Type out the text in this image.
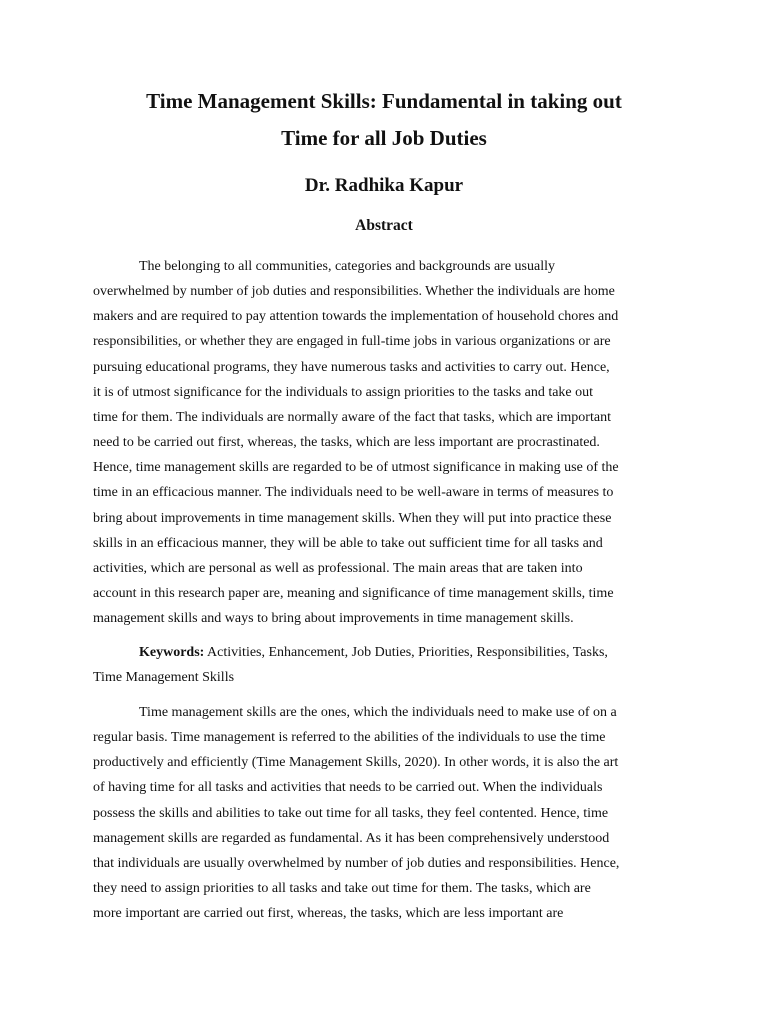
Time Management Skills: Fundamental in taking out
Time for all Job Duties
Dr. Radhika Kapur
Abstract
The belonging to all communities, categories and backgrounds are usually
overwhelmed by number of job duties and responsibilities. Whether the individuals are home
makers and are required to pay attention towards the implementation of household chores and
responsibilities, or whether they are engaged in full-time jobs in various organizations or are
pursuing educational programs, they have numerous tasks and activities to carry out. Hence,
it is of utmost significance for the individuals to assign priorities to the tasks and take out
time for them. The individuals are normally aware of the fact that tasks, which are important
need to be carried out first, whereas, the tasks, which are less important are procrastinated.
Hence, time management skills are regarded to be of utmost significance in making use of the
time in an efficacious manner. The individuals need to be well-aware in terms of measures to
bring about improvements in time management skills. When they will put into practice these
skills in an efficacious manner, they will be able to take out sufficient time for all tasks and
activities, which are personal as well as professional. The main areas that are taken into
account in this research paper are, meaning and significance of time management skills, time
management skills and ways to bring about improvements in time management skills.
Keywords: Activities, Enhancement, Job Duties, Priorities, Responsibilities, Tasks,
Time Management Skills
Time management skills are the ones, which the individuals need to make use of on a
regular basis. Time management is referred to the abilities of the individuals to use the time
productively and efficiently (Time Management Skills, 2020). In other words, it is also the art
of having time for all tasks and activities that needs to be carried out. When the individuals
possess the skills and abilities to take out time for all tasks, they feel contented. Hence, time
management skills are regarded as fundamental. As it has been comprehensively understood
that individuals are usually overwhelmed by number of job duties and responsibilities. Hence,
they need to assign priorities to all tasks and take out time for them. The tasks, which are
more important are carried out first, whereas, the tasks, which are less important are
